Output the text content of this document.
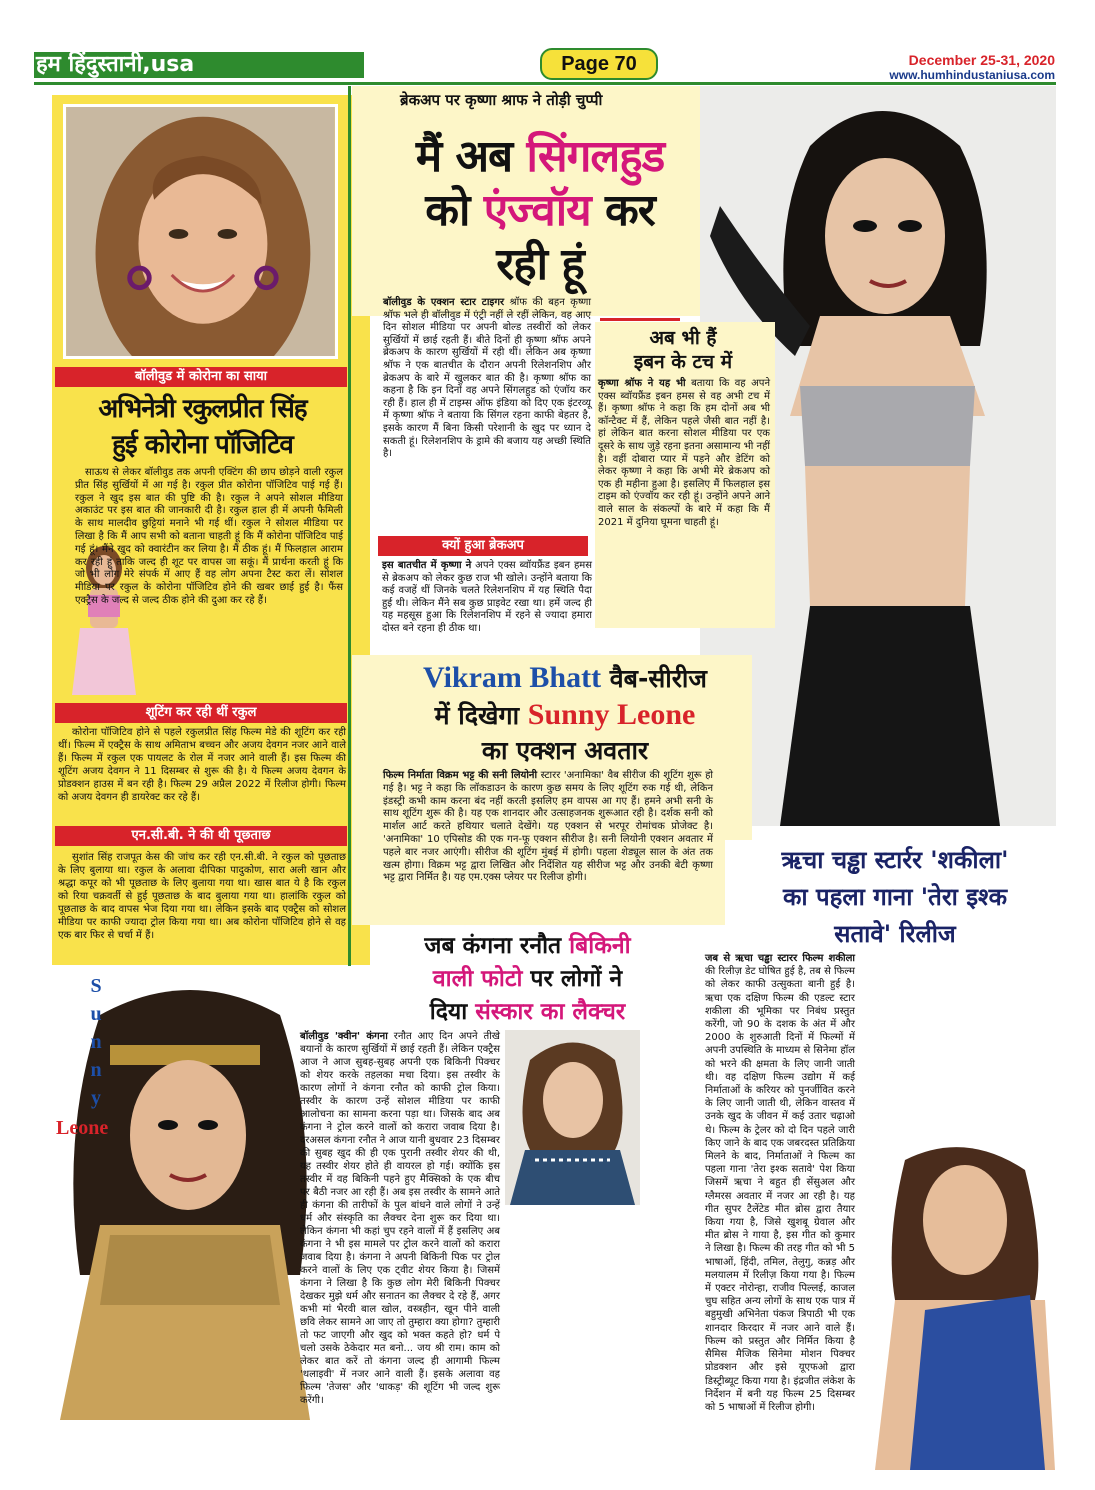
हम हिंदुस्तानी,usa	Page 70	December 25-31, 2020
www.humhindustaniusa.com
बॉलीवुड में कोरोना का साया
अभिनेत्री रकुलप्रीत सिंह
हुई कोरोना पॉजिटिव
साऊथ से लेकर बॉलीवुड तक अपनी एक्टिंग की छाप छोड़ने वाली रकुल प्रीत सिंह सुर्खियों में आ गई है। रकुल प्रीत कोरोना पॉजिटिव पाई गई हैं। रकुल ने खुद इस बात की पुष्टि की है। रकुल ने अपने सोशल मीडिया अकाउंट पर इस बात की जानकारी दी है। रकुल हाल ही में अपनी फैमिली के साथ मालदीव छुट्टियां मनाने भी गई थीं। रकुल ने सोशल मीडिया पर लिखा है कि मैं आप सभी को बताना चाहती हूं कि मैं कोरोना पॉजिटिव पाई गई हूं। मैंने खुद को क्वारंटीन कर लिया है। मैं ठीक हूं। मैं फिलहाल आराम कर रही हूं ताकि जल्द ही शूट पर वापस जा सकूं। मैं प्रार्थना करती हूं कि जो भी लोग मेरे संपर्क में आए हैं वह लोग अपना टैस्ट करा लें। सोशल मीडिया पर रकुल के कोरोना पॉजिटिव होने की खबर छाई हुई है। फैंस एक्ट्रैस के जल्द से जल्द ठीक होने की दुआ कर रहे हैं।
शूटिंग कर रही थीं रकुल
कोरोना पॉजिटिव होने से पहले रकुलप्रीत सिंह फिल्म मेडे की शूटिंग कर रही थीं। फिल्म में एक्ट्रैस के साथ अमिताभ बच्चन और अजय देवगन नजर आने वाले हैं। फिल्म में रकुल एक पायलट के रोल में नजर आने वाली हैं। इस फिल्म की शूटिंग अजय देवगन ने 11 दिसम्बर से शुरू की है। ये फिल्म अजय देवगन के प्रोडक्शन हाउस में बन रही है। फिल्म 29 अप्रैल 2022 में रिलीज होगी। फिल्म को अजय देवगन ही डायरेक्ट कर रहे हैं।
एन.सी.बी. ने की थी पूछताछ
सुशांत सिंह राजपूत केस की जांच कर रही एन.सी.बी. ने रकुल को पूछताछ के लिए बुलाया था। रकुल के अलावा दीपिका पादुकोण, सारा अली खान और श्रद्धा कपूर को भी पूछताछ के लिए बुलाया गया था। खास बात ये है कि रकुल को रिया चक्रवर्ती से हुई पूछताछ के बाद बुलाया गया था। हालांकि रकुल को पूछताछ के बाद वापस भेज दिया गया था। लेकिन इसके बाद एक्ट्रैस को सोशल मीडिया पर काफी ज्यादा ट्रोल किया गया था। अब कोरोना पॉजिटिव होने से वह एक बार फिर से चर्चा में हैं।
ब्रेकअप पर कृष्णा श्राफ ने तोड़ी चुप्पी
मैं अब सिंगलहुड
को एंज्वॉय कर
रही हूं
बॉलीवुड के एक्शन स्टार टाइगर श्रॉफ की बहन कृष्णा श्रॉफ भले ही बॉलीवुड में एंट्री नहीं ले रहीं लेकिन, वह आए दिन सोशल मीडिया पर अपनी बोल्ड तस्वीरों को लेकर सुर्खियों में छाई रहती हैं। बीते दिनों ही कृष्णा श्रॉफ अपने ब्रेकअप के कारण सुर्खियों में रही थीं। लेकिन अब कृष्णा श्रॉफ ने एक बातचीत के दौरान अपनी रिलेशनशिप और ब्रेकअप के बारे में खुलकर बात की है। कृष्णा श्रॉफ का कहना है कि इन दिनों वह अपने सिंगलहुड को एंजॉय कर रही हैं। हाल ही में टाइम्स ऑफ इंडिया को दिए एक इंटरव्यू में कृष्णा श्रॉफ ने बताया कि सिंगल रहना काफी बेहतर है, इसके कारण मैं बिना किसी परेशानी के खुद पर ध्यान दे सकती हूं। रिलेशनशिप के ड्रामे की बजाय यह अच्छी स्थिति है।
अब भी हैं
इबन के टच में
कृष्णा श्रॉफ ने यह भी बताया कि वह अपने एक्स ब्वॉयफ्रैंड इबन हमस से वह अभी टच में हैं। कृष्णा श्रॉफ ने कहा कि हम दोनों अब भी कॉन्टैक्ट में हैं, लेकिन पहले जैसी बात नहीं है। हां लेकिन बात करना सोशल मीडिया पर एक दूसरे के साथ जुड़े रहना इतना असामान्य भी नहीं है। वहीं दोबारा प्यार में पड़ने और डेटिंग को लेकर कृष्णा ने कहा कि अभी मेरे ब्रेकअप को एक ही महीना हुआ है। इसलिए मैं फिलहाल इस टाइम को एंज्वॉय कर रही हूं। उन्होंने अपने आने वाले साल के संकल्पों के बारे में कहा कि मैं 2021 में दुनिया घूमना चाहती हूं।
क्यों हुआ ब्रेकअप
इस बातचीत में कृष्णा ने अपने एक्स ब्वॉयफ्रैंड इबन हमस से ब्रेकअप को लेकर कुछ राज भी खोले। उन्होंने बताया कि कई वजहें थीं जिनके चलते रिलेशनशिप में यह स्थिति पैदा हुई थी। लेकिन मैंने सब कुछ प्राइवेट रखा था। हमें जल्द ही यह महसूस हुआ कि रिलेशनशिप में रहने से ज्यादा हमारा दोस्त बने रहना ही ठीक था।
Vikram Bhatt वैब-सीरीज
में दिखेगा Sunny Leone
का एक्शन अवतार
फिल्म निर्माता विक्रम भट्ट की सनी लियोनी स्टारर 'अनामिका' वैब सीरीज की शूटिंग शुरू हो गई है। भट्ट ने कहा कि लॉकडाउन के कारण कुछ समय के लिए शूटिंग रुक गई थी, लेकिन इंडस्ट्री कभी काम करना बंद नहीं करती इसलिए हम वापस आ गए हैं। हमने अभी सनी के साथ शूटिंग शुरू की है। यह एक शानदार और उत्साहजनक शुरूआत रही है। दर्शक सनी को मार्शल आर्ट करते हथियार चलाते देखेंगे। यह एक्शन से भरपूर रोमांचक प्रोजेक्ट है। 'अनामिका' 10 एपिसोड की एक गन-फू एक्शन सीरीज है। सनी लियोनी एक्शन अवतार में पहले बार नजर आएंगी। सीरीज की शूटिंग मुंबई में होगी। पहला शेड्यूल साल के अंत तक खत्म होगा। विक्रम भट्ट द्वारा लिखित और निर्देशित यह सीरीज भट्ट और उनकी बेटी कृष्णा भट्ट द्वारा निर्मित है। यह एम.एक्स प्लेयर पर रिलीज होगी।
जब कंगना रनौत बिकिनी
वाली फोटो पर लोगों ने
दिया संस्कार का लैक्चर
S
u
n
n
y
Leone
बॉलीवुड 'क्वीन' कंगना रनौत आए दिन अपने तीखे बयानों के कारण सुर्खियों में छाई रहती हैं। लेकिन एक्ट्रैस आज ने आज सुबह-सुबह अपनी एक बिकिनी पिक्चर को शेयर करके तहलका मचा दिया। इस तस्वीर के कारण लोगों ने कंगना रनौत को काफी ट्रोल किया। तस्वीर के कारण उन्हें सोशल मीडिया पर काफी आलोचना का सामना करना पड़ा था। जिसके बाद अब कंगना ने ट्रोल करने वालों को करारा जवाब दिया है। दरअसल कंगना रनौत ने आज यानी बुधवार 23 दिसम्बर की सुबह खुद की ही एक पुरानी तस्वीर शेयर की थी, यह तस्वीर शेयर होते ही वायरल हो गई। क्योंकि इस तस्वीर में वह बिकिनी पहने हुए मैक्सिको के एक बीच पर बैठी नजर आ रही हैं। अब इस तस्वीर के सामने आते ही कंगना की तारीफों के पुल बांधने वाले लोगों ने उन्हें धर्म और संस्कृति का लैक्चर देना शुरू कर दिया था। लेकिन कंगना भी कहां चुप रहने वालों में हैं इसलिए अब कंगना ने भी इस मामले पर ट्रोल करने वालों को करारा जवाब दिया है। कंगना ने अपनी बिकिनी पिक पर ट्रोल करने वालों के लिए एक ट्वीट शेयर किया है। जिसमें कंगना ने लिखा है कि कुछ लोग मेरी बिकिनी पिक्चर देखकर मुझे धर्म और सनातन का लैक्चर दे रहे हैं, अगर कभी मां भैरवी बाल खोल, वस्त्रहीन, खून पीने वाली छवि लेकर सामने आ जाए तो तुम्हारा क्या होगा? तुम्हारी तो फट जाएगी और खुद को भक्त कहते हो? धर्म पे चलो उसके ठेकेदार मत बनो... जय श्री राम। काम को लेकर बात करें तो कंगना जल्द ही आगामी फिल्म 'थलाइवी' में नजर आने वाली हैं। इसके अलावा वह फिल्म 'तेजस' और 'धाकड़' की शूटिंग भी जल्द शुरू करेंगी।
ऋचा चड्ढा स्टार्रर 'शकीला'
का पहला गाना 'तेरा इश्क
सतावे' रिलीज
जब से ऋचा चड्ढा स्टारर फिल्म शकीला की रिलीज़ डेट घोषित हुई है, तब से फिल्म को लेकर काफी उत्सुकता बानी हुई है। ऋचा एक दक्षिण फिल्म की एडल्ट स्टार शकीला की भूमिका पर निबंध प्रस्तुत करेंगी, जो 90 के दशक के अंत में और 2000 के शुरुआती दिनों में फिल्मों में अपनी उपस्थिति के माध्यम से सिनेमा हॉल को भरने की क्षमता के लिए जानी जाती थी। वह दक्षिण फिल्म उद्योग में कई निर्माताओं के करियर को पुनर्जीवित करने के लिए जानी जाती थी, लेकिन वास्तव में उनके खुद के जीवन में कई उतार चढ़ाओ थे। फिल्म के ट्रेलर को दो दिन पहले जारी किए जाने के बाद एक जबरदस्त प्रतिक्रिया मिलने के बाद, निर्माताओं ने फिल्म का पहला गाना 'तेरा इश्क सतावे' पेश किया जिसमें ऋचा ने बहुत ही सेंसुअल और ग्लैमरस अवतार में नजर आ रही है। यह गीत सुपर टैलेंटेड मीत ब्रोस द्वारा तैयार किया गया है, जिसे खुशबू ग्रेवाल और मीत ब्रोस ने गाया है, इस गीत को कुमार ने लिखा है। फिल्म की तरह गीत को भी 5 भाषाओं, हिंदी, तमिल, तेलुगु, कन्नड़ और मलयालम में रिलीज़ किया गया है। फिल्म में एक्टर नोरोन्हा, राजीव पिल्लई, काजल चुघ सहित अन्य लोगों के साथ एक पात्र में बहुमुखी अभिनेता पंकज त्रिपाठी भी एक शानदार किरदार में नजर आने वाले हैं। फिल्म को प्रस्तुत और निर्मित किया है सैमिस मैजिक सिनेमा मोशन पिक्चर प्रोडक्शन और इसे यूएफओ द्वारा डिस्ट्रीब्यूट किया गया है। इंद्रजीत लंकेश के निर्देशन में बनी यह फिल्म 25 दिसम्बर को 5 भाषाओं में रिलीज होगी।
